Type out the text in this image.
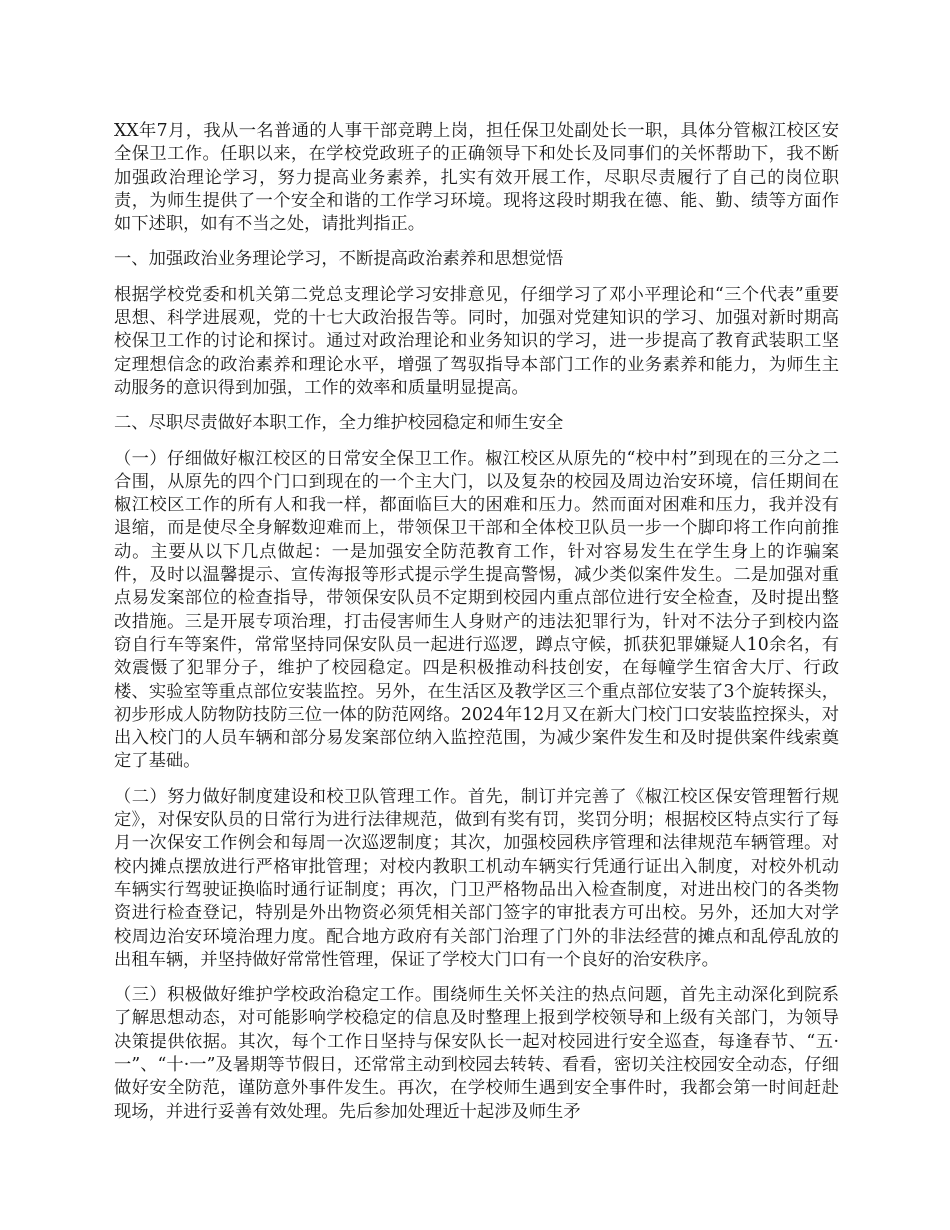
XX年7月，我从一名普通的人事干部竞聘上岗，担任保卫处副处长一职，具体分管椒江校区安全保卫工作。任职以来，在学校党政班子的正确领导下和处长及同事们的关怀帮助下，我不断加强政治理论学习，努力提高业务素养，扎实有效开展工作，尽职尽责履行了自己的岗位职责，为师生提供了一个安全和谐的工作学习环境。现将这段时期我在德、能、勤、绩等方面作如下述职，如有不当之处，请批判指正。

一、加强政治业务理论学习，不断提高政治素养和思想觉悟

根据学校党委和机关第二党总支理论学习安排意见，仔细学习了邓小平理论和“三个代表”重要思想、科学进展观，党的十七大政治报告等。同时，加强对党建知识的学习、加强对新时期高校保卫工作的讨论和探讨。通过对政治理论和业务知识的学习，进一步提高了教育武装职工坚定理想信念的政治素养和理论水平，增强了驾驭指导本部门工作的业务素养和能力，为师生主动服务的意识得到加强，工作的效率和质量明显提高。

二、尽职尽责做好本职工作，全力维护校园稳定和师生安全

（一）仔细做好椒江校区的日常安全保卫工作。椒江校区从原先的“校中村”到现在的三分之二合围，从原先的四个门口到现在的一个主大门，以及复杂的校园及周边治安环境，信任期间在椒江校区工作的所有人和我一样，都面临巨大的困难和压力。然而面对困难和压力，我并没有退缩，而是使尽全身解数迎难而上，带领保卫干部和全体校卫队员一步一个脚印将工作向前推动。主要从以下几点做起：一是加强安全防范教育工作，针对容易发生在学生身上的诈骗案件，及时以温馨提示、宣传海报等形式提示学生提高警惕，减少类似案件发生。二是加强对重点易发案部位的检查指导，带领保安队员不定期到校园内重点部位进行安全检查，及时提出整改措施。三是开展专项治理，打击侵害师生人身财产的违法犯罪行为，针对不法分子到校内盗窃自行车等案件，常常坚持同保安队员一起进行巡逻，蹲点守候，抓获犯罪嫌疑人10余名，有效震慑了犯罪分子，维护了校园稳定。四是积极推动科技创安，在每幢学生宿舍大厅、行政楼、实验室等重点部位安装监控。另外，在生活区及教学区三个重点部位安装了3个旋转探头，初步形成人防物防技防三位一体的防范网络。2024年12月又在新大门校门口安装监控探头，对出入校门的人员车辆和部分易发案部位纳入监控范围，为减少案件发生和及时提供案件线索奠定了基础。

（二）努力做好制度建设和校卫队管理工作。首先，制订并完善了《椒江校区保安管理暂行规定》，对保安队员的日常行为进行法律规范，做到有奖有罚，奖罚分明；根据校区特点实行了每月一次保安工作例会和每周一次巡逻制度；其次，加强校园秩序管理和法律规范车辆管理。对校内摊点摆放进行严格审批管理；对校内教职工机动车辆实行凭通行证出入制度，对校外机动车辆实行驾驶证换临时通行证制度；再次，门卫严格物品出入检查制度，对进出校门的各类物资进行检查登记，特别是外出物资必须凭相关部门签字的审批表方可出校。另外，还加大对学校周边治安环境治理力度。配合地方政府有关部门治理了门外的非法经营的摊点和乱停乱放的出租车辆，并坚持做好常常性管理，保证了学校大门口有一个良好的治安秩序。

（三）积极做好维护学校政治稳定工作。围绕师生关怀关注的热点问题，首先主动深化到院系了解思想动态，对可能影响学校稳定的信息及时整理上报到学校领导和上级有关部门，为领导决策提供依据。其次，每个工作日坚持与保安队长一起对校园进行安全巡查，每逢春节、“五·一”、“十·一”及暑期等节假日，还常常主动到校园去转转、看看，密切关注校园安全动态，仔细做好安全防范，谨防意外事件发生。再次，在学校师生遇到安全事件时，我都会第一时间赶赴现场，并进行妥善有效处理。先后参加处理近十起涉及师生矛
